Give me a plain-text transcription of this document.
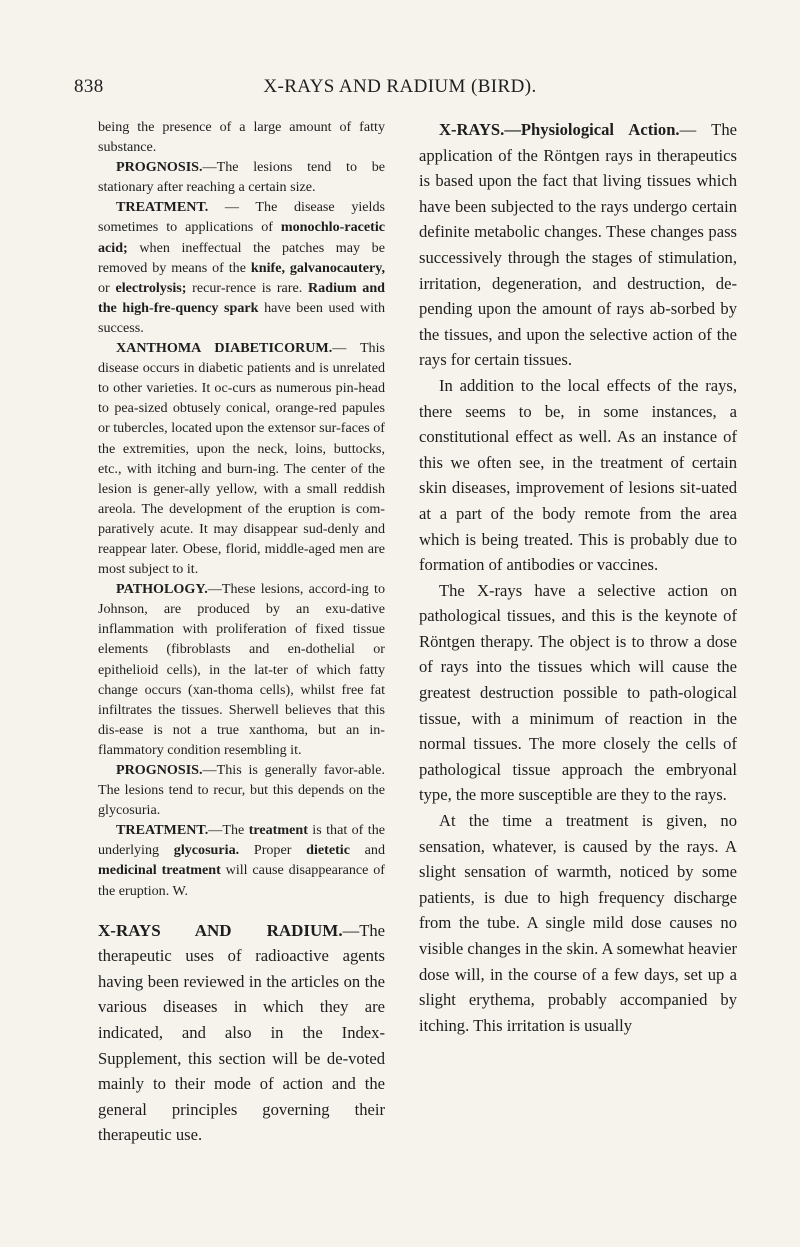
838	X-RAYS AND RADIUM (BIRD).

being the presence of a large amount of fatty substance.

PROGNOSIS.—The lesions tend to be stationary after reaching a certain size.

TREATMENT. — The disease yields sometimes to applications of monochlo-racetic acid; when ineffectual the patches may be removed by means of the knife, galvanocautery, or electrolysis; recur-rence is rare. Radium and the high-fre-quency spark have been used with success.

XANTHOMA DIABETICORUM.— This disease occurs in diabetic patients and is unrelated to other varieties. It oc-curs as numerous pin-head to pea-sized obtusely conical, orange-red papules or tubercles, located upon the extensor sur-faces of the extremities, upon the neck, loins, buttocks, etc., with itching and burn-ing. The center of the lesion is gener-ally yellow, with a small reddish areola. The development of the eruption is com-paratively acute. It may disappear sud-denly and reappear later. Obese, florid, middle-aged men are most subject to it.

PATHOLOGY.—These lesions, accord-ing to Johnson, are produced by an exu-dative inflammation with proliferation of fixed tissue elements (fibroblasts and en-dothelial or epithelioid cells), in the lat-ter of which fatty change occurs (xan-thoma cells), whilst free fat infiltrates the tissues. Sherwell believes that this dis-ease is not a true xanthoma, but an in-flammatory condition resembling it.

PROGNOSIS.—This is generally favor-able. The lesions tend to recur, but this depends on the glycosuria.

TREATMENT.—The treatment is that of the underlying glycosuria. Proper dietetic and medicinal treatment will cause disappearance of the eruption. W.

X-RAYS AND RADIUM.—The therapeutic uses of radioactive agents having been reviewed in the articles on the various diseases in which they are indicated, and also in the Index-Supplement, this section will be de-voted mainly to their mode of action and the general principles governing their therapeutic use.

X-RAYS.—Physiological Action.— The application of the Röntgen rays in therapeutics is based upon the fact that living tissues which have been subjected to the rays undergo certain definite metabolic changes. These changes pass successively through the stages of stimulation, irritation, degeneration, and destruction, de-pending upon the amount of rays ab-sorbed by the tissues, and upon the selective action of the rays for certain tissues.

In addition to the local effects of the rays, there seems to be, in some instances, a constitutional effect as well. As an instance of this we often see, in the treatment of certain skin diseases, improvement of lesions sit-uated at a part of the body remote from the area which is being treated. This is probably due to formation of antibodies or vaccines.

The X-rays have a selective action on pathological tissues, and this is the keynote of Röntgen therapy. The object is to throw a dose of rays into the tissues which will cause the greatest destruction possible to path-ological tissue, with a minimum of reaction in the normal tissues. The more closely the cells of pathological tissue approach the embryonal type, the more susceptible are they to the rays.

At the time a treatment is given, no sensation, whatever, is caused by the rays. A slight sensation of warmth, noticed by some patients, is due to high frequency discharge from the tube. A single mild dose causes no visible changes in the skin. A somewhat heavier dose will, in the course of a few days, set up a slight erythema, probably accompanied by itching. This irritation is usually
